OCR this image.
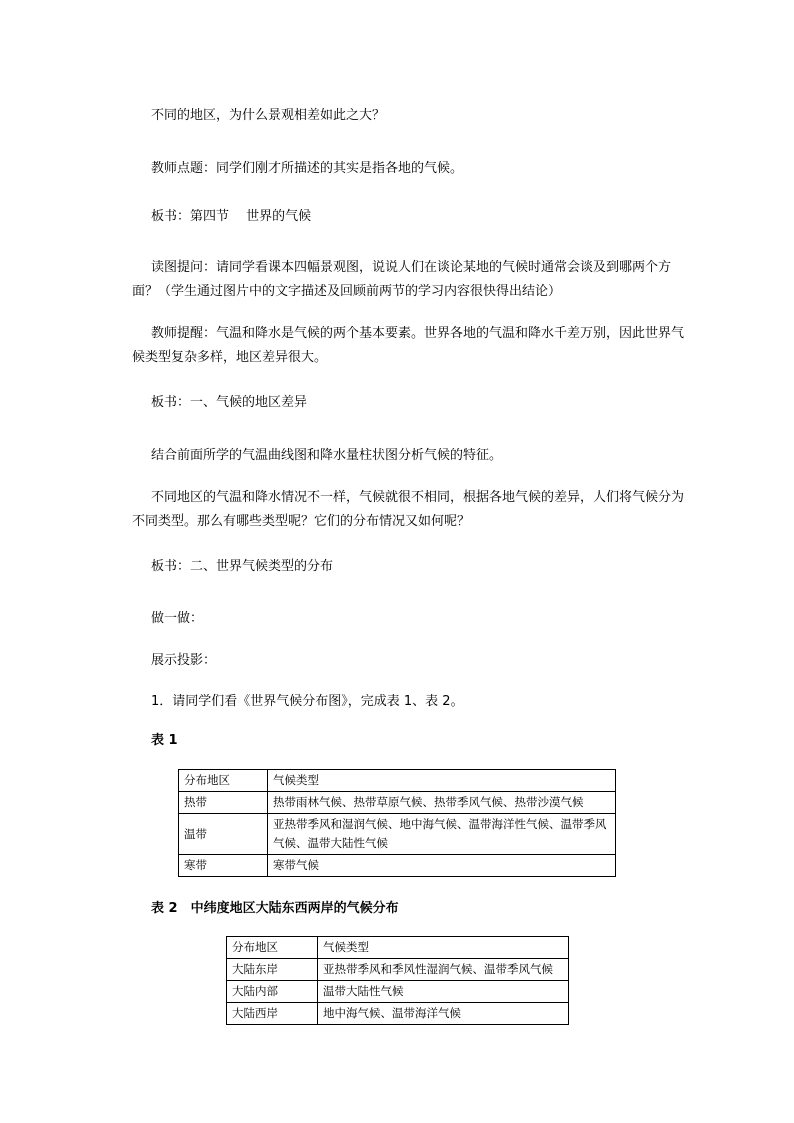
不同的地区，为什么景观相差如此之大？
教师点题：同学们刚才所描述的其实是指各地的气候。
板书：第四节　 世界的气候
读图提问：请同学看课本四幅景观图，说说人们在谈论某地的气候时通常会谈及到哪两个方面？（学生通过图片中的文字描述及回顾前两节的学习内容很快得出结论）
教师提醒：气温和降水是气候的两个基本要素。世界各地的气温和降水千差万别，因此世界气候类型复杂多样，地区差异很大。
板书：一、气候的地区差异
结合前面所学的气温曲线图和降水量柱状图分析气候的特征。
不同地区的气温和降水情况不一样，气候就很不相同，根据各地气候的差异，人们将气候分为不同类型。那么有哪些类型呢？它们的分布情况又如何呢？
板书：二、世界气候类型的分布
做一做：
展示投影：
1．请同学们看《世界气候分布图》，完成表 1、表 2。
表 1
分布地区	气候类型
热带	热带雨林气候、热带草原气候、热带季风气候、热带沙漠气候
温带	亚热带季风和湿润气候、地中海气候、温带海洋性气候、温带季风气候、温带大陆性气候
寒带	寒带气候
表 2　中纬度地区大陆东西两岸的气候分布
分布地区	气候类型
大陆东岸	亚热带季风和季风性湿润气候、温带季风气候
大陆内部	温带大陆性气候
大陆西岸	地中海气候、温带海洋气候
